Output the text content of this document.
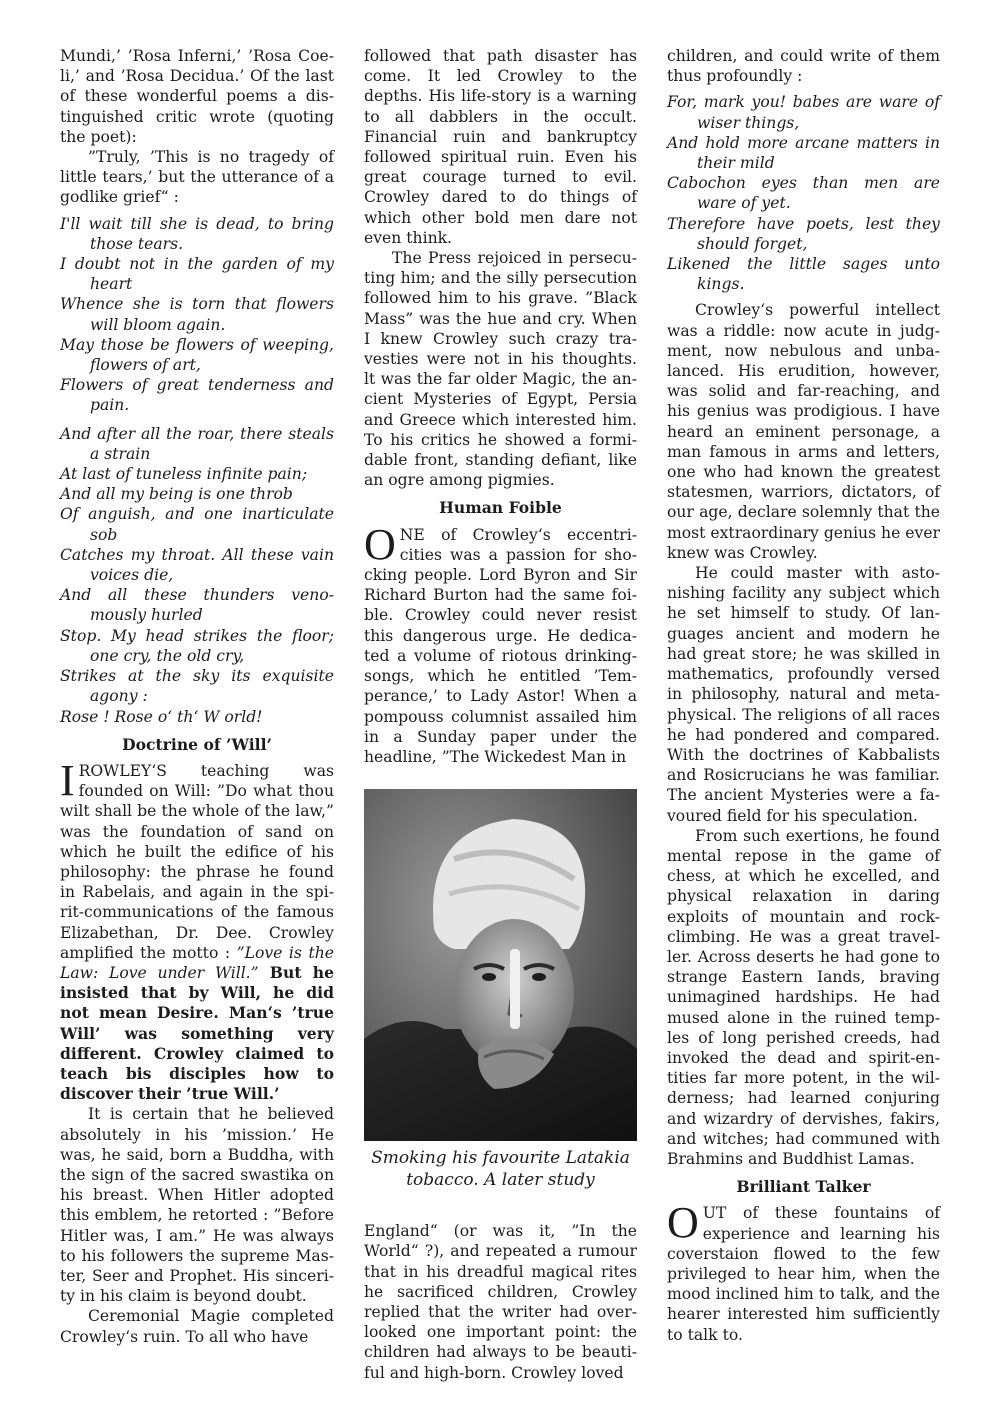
Mundi,’ ’Rosa Inferni,’ ’Rosa Coeli,’ and ’Rosa Decidua.’ Of the last of these wonderful poems a distinguished critic wrote (quoting the poet):

”Truly, ’This is no tragedy of little tears,’ but the utterance of a godlike grief“ :

I'll wait till she is dead, to bring those tears.
I doubt not in the garden of my heart
Whence she is torn that flowers will bloom again.
May those be flowers of weeping, flowers of art,
Flowers of great tenderness and pain.
And after all the roar, there steals a strain
At last of tuneless infinite pain;
And all my being is one throb
Of anguish, and one inarticulate sob
Catches my throat. All these vain voices die,
And all these thunders venomously hurled
Stop. My head strikes the floor; one cry, the old cry,
Strikes at the sky its exquisite agony :
Rose ! Rose o‘ th‘ W orld!
Doctrine of ’Will’

IROWLEY‘S teaching was founded on Will: ”Do what thou wilt shall be the whole of the law,” was the foundation of sand on which he built the edifice of his philosophy: the phrase he found in Rabelais, and again in the spirit-communications of the famous Elizabethan, Dr. Dee. Crowley amplified the motto : ”Love is the Law: Love under Will.” But he insisted that by Will, he did not mean Desire. Man‘s ’true Will’ was something very different. Crowley claimed to teach bis disciples how to discover their ’true Will.’

It is certain that he believed absolutely in his ’mission.’ He was, he said, born a Buddha, with the sign of the sacred swastika on his breast. When Hitler adopted this emblem, he retorted : ”Before Hitler was, I am.” He was always to his followers the supreme Master, Seer and Prophet. His sincerity in his claim is beyond doubt.

Ceremonial Magie completed Crowley‘s ruin. To all who have

followed that path disaster has come. It led Crowley to the depths. His life-story is a warning to all dabblers in the occult. Financial ruin and bankruptcy followed spiritual ruin. Even his great courage turned to evil. Crowley dared to do things of which other bold men dare not even think.

The Press rejoiced in persecuting him; and the silly persecution followed him to his grave. ”Black Mass” was the hue and cry. When I knew Crowley such crazy travesties were not in his thoughts. lt was the far older Magic, the ancient Mysteries of Egypt, Persia and Greece which interested him. To his critics he showed a formidable front, standing defiant, like an ogre among pigmies.

Human Foible

ONE of Crowley‘s eccentricities was a passion for shocking people. Lord Byron and Sir Richard Burton had the same foible. Crowley could never resist this dangerous urge. He dedicated a volume of riotous drinking-songs, which he entitled ’Temperance,’ to Lady Astor! When a pompouss columnist assailed him in a Sunday paper under the headline, ”The Wickedest Man in

Smoking his favourite Latakia tobacco. A later study

England“ (or was it, ”In the World“ ?), and repeated a rumour that in his dreadful magical rites he sacrificed children, Crowley replied that the writer had overlooked one important point: the children had always to be beautiful and high-born. Crowley loved

children, and could write of them thus profoundly :

For, mark you! babes are ware of wiser things,
And hold more arcane matters in their mild
Cabochon eyes than men are ware of yet.
Therefore have poets, lest they should forget,
Likened the little sages unto kings.

Crowley‘s powerful intellect was a riddle: now acute in judgment, now nebulous and unbalanced. His erudition, however, was solid and far-reaching, and his genius was prodigious. I have heard an eminent personage, a man famous in arms and letters, one who had known the greatest statesmen, warriors, dictators, of our age, declare solemnly that the most extraordinary genius he ever knew was Crowley.

He could master with astonishing facility any subject which he set himself to study. Of languages ancient and modern he had great store; he was skilled in mathematics, profoundly versed in philosophy, natural and metaphysical. The religions of all races he had pondered and compared. With the doctrines of Kabbalists and Rosicrucians he was familiar. The ancient Mysteries were a favoured field for his speculation.

From such exertions, he found mental repose in the game of chess, at which he excelled, and physical relaxation in daring exploits of mountain and rock-climbing. He was a great traveller. Across deserts he had gone to strange Eastern Iands, braving unimagined hardships. He had mused alone in the ruined temples of long perished creeds, had invoked the dead and spirit-entities far more potent, in the wilderness; had learned conjuring and wizardry of dervishes, fakirs, and witches; had communed with Brahmins and Buddhist Lamas.

Brilliant Talker

OUT of these fountains of experience and learning his coverstaion flowed to the few privileged to hear him, when the mood inclined him to talk, and the hearer interested him sufficiently to talk to.
